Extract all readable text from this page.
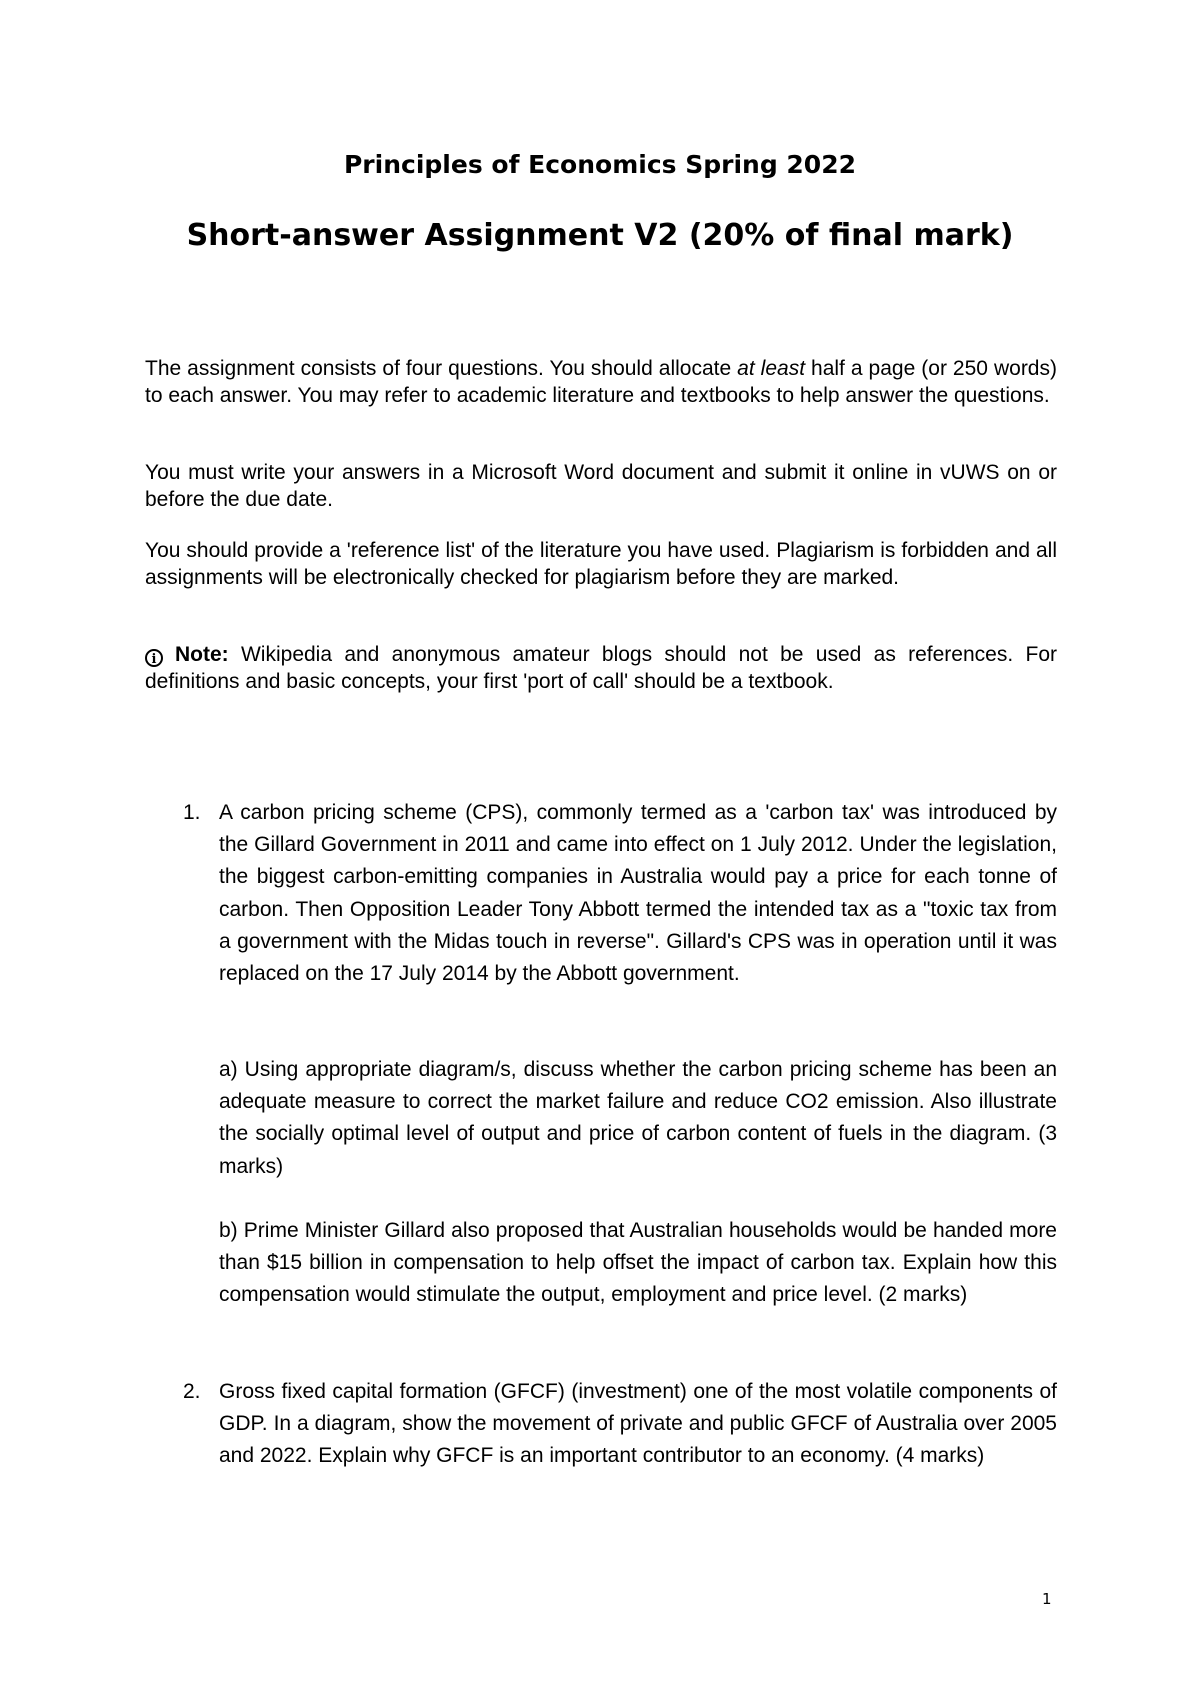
Principles of Economics Spring 2022
Short-answer Assignment V2 (20% of final mark)

The assignment consists of four questions. You should allocate at least half a page (or 250 words) to each answer. You may refer to academic literature and textbooks to help answer the questions.

You must write your answers in a Microsoft Word document and submit it online in vUWS on or before the due date.

You should provide a 'reference list' of the literature you have used. Plagiarism is forbidden and all assignments will be electronically checked for plagiarism before they are marked.

i Note: Wikipedia and anonymous amateur blogs should not be used as references. For definitions and basic concepts, your first 'port of call' should be a textbook.

1. A carbon pricing scheme (CPS), commonly termed as a 'carbon tax' was introduced by the Gillard Government in 2011 and came into effect on 1 July 2012. Under the legislation, the biggest carbon-emitting companies in Australia would pay a price for each tonne of carbon. Then Opposition Leader Tony Abbott termed the intended tax as a "toxic tax from a government with the Midas touch in reverse". Gillard's CPS was in operation until it was replaced on the 17 July 2014 by the Abbott government.
a) Using appropriate diagram/s, discuss whether the carbon pricing scheme has been an adequate measure to correct the market failure and reduce CO2 emission. Also illustrate the socially optimal level of output and price of carbon content of fuels in the diagram. (3 marks)
b) Prime Minister Gillard also proposed that Australian households would be handed more than $15 billion in compensation to help offset the impact of carbon tax. Explain how this compensation would stimulate the output, employment and price level. (2 marks)
2. Gross fixed capital formation (GFCF) (investment) one of the most volatile components of GDP. In a diagram, show the movement of private and public GFCF of Australia over 2005 and 2022. Explain why GFCF is an important contributor to an economy. (4 marks)
1
